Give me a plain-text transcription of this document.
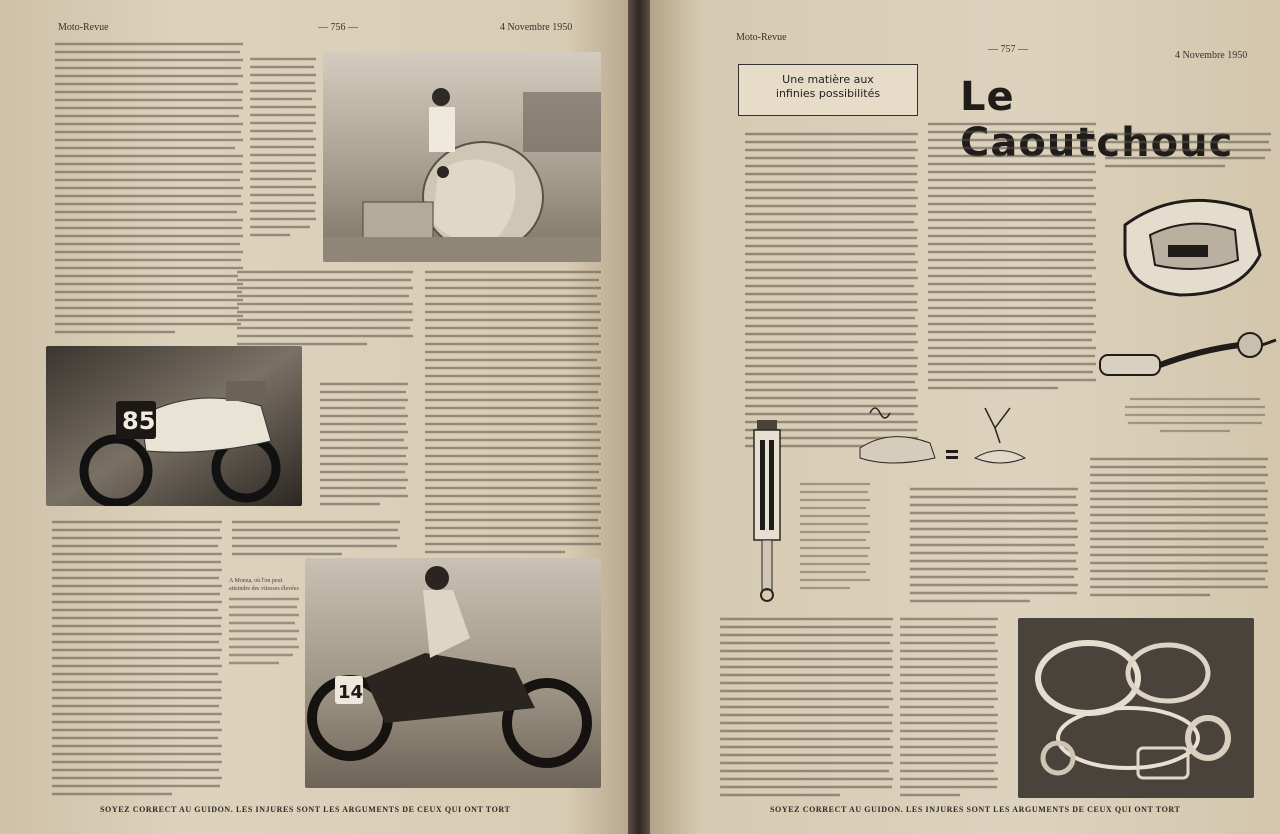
Moto-Revue	— 756 —	4 Novembre 1950
85
A Monza, où l'on peut atteindre des vitesses élevées
14
SOYEZ CORRECT AU GUIDON. LES INJURES SONT LES ARGUMENTS DE CEUX QUI ONT TORT
Moto-Revue
— 757 —
4 Novembre 1950
Une matière aux
infinies possibilités	Le Caoutchouc
SOYEZ CORRECT AU GUIDON. LES INJURES SONT LES ARGUMENTS DE CEUX QUI ONT TORT
